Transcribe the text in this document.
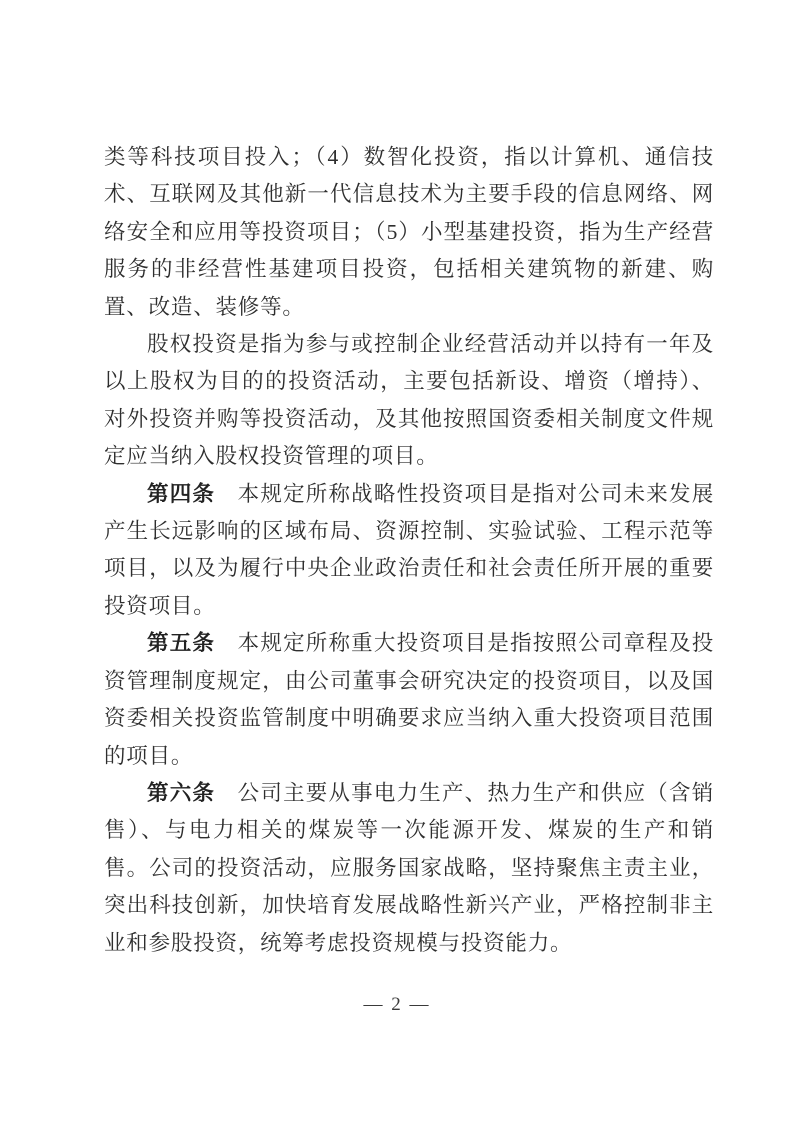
类等科技项目投入；（4）数智化投资，指以计算机、通信技术、互联网及其他新一代信息技术为主要手段的信息网络、网络安全和应用等投资项目；（5）小型基建投资，指为生产经营服务的非经营性基建项目投资，包括相关建筑物的新建、购置、改造、装修等。

股权投资是指为参与或控制企业经营活动并以持有一年及以上股权为目的的投资活动，主要包括新设、增资（增持）、对外投资并购等投资活动，及其他按照国资委相关制度文件规定应当纳入股权投资管理的项目。

第四条 本规定所称战略性投资项目是指对公司未来发展产生长远影响的区域布局、资源控制、实验试验、工程示范等项目，以及为履行中央企业政治责任和社会责任所开展的重要投资项目。

第五条 本规定所称重大投资项目是指按照公司章程及投资管理制度规定，由公司董事会研究决定的投资项目，以及国资委相关投资监管制度中明确要求应当纳入重大投资项目范围的项目。

第六条 公司主要从事电力生产、热力生产和供应（含销售）、与电力相关的煤炭等一次能源开发、煤炭的生产和销售。公司的投资活动，应服务国家战略，坚持聚焦主责主业，突出科技创新，加快培育发展战略性新兴产业，严格控制非主业和参股投资，统筹考虑投资规模与投资能力。

— 2 —
